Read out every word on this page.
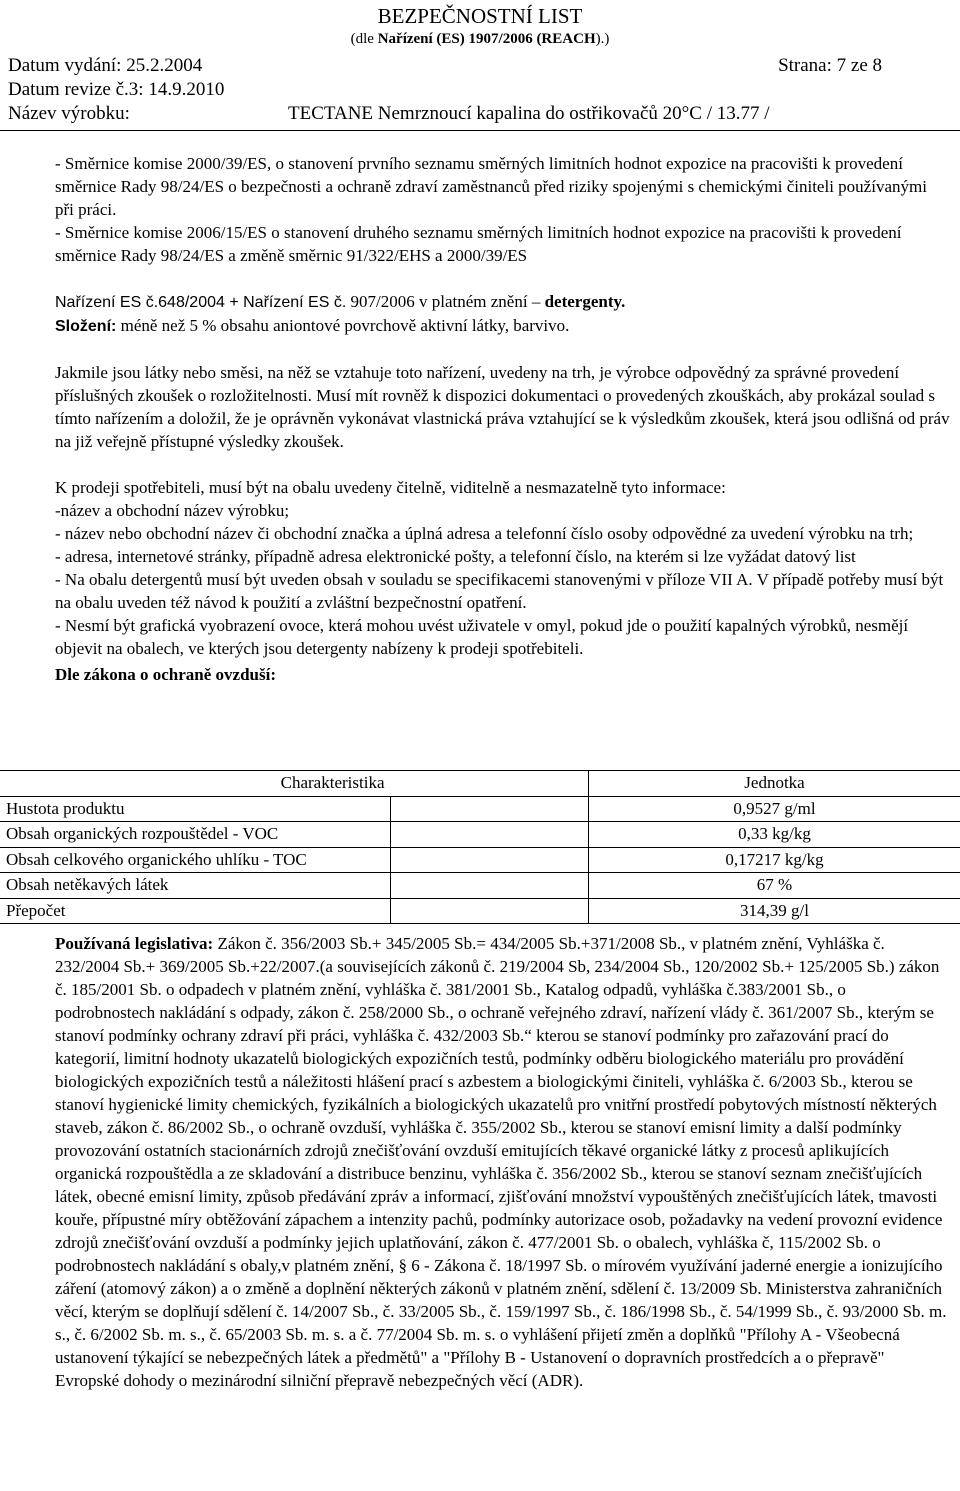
BEZPEČNOSTNÍ LIST
(dle Nařízení (ES) 1907/2006 (REACH).)
Datum vydání: 25.2.2004	Strana: 7 ze 8
Datum revize č.3: 14.9.2010
Název výrobku:	TECTANE Nemrznoucí kapalina do ostřikovačů 20°C / 13.77 /

- Směrnice komise 2000/39/ES, o stanovení prvního seznamu směrných limitních hodnot expozice na pracovišti k provedení směrnice Rady 98/24/ES o bezpečnosti a ochraně zdraví zaměstnanců před riziky spojenými s chemickými činiteli používanými při práci.

- Směrnice komise 2006/15/ES o stanovení druhého seznamu směrných limitních hodnot expozice na pracovišti k provedení směrnice Rady 98/24/ES a změně směrnic 91/322/EHS a 2000/39/ES

Nařízení ES č.648/2004 + Nařízení ES č. 907/2006 v platném znění – detergenty.

Složení: méně než 5 % obsahu aniontové povrchově aktivní látky, barvivo.

Jakmile jsou látky nebo směsi, na něž se vztahuje toto nařízení, uvedeny na trh, je výrobce odpovědný za správné provedení příslušných zkoušek o rozložitelnosti. Musí mít rovněž k dispozici dokumentaci o provedených zkouškách, aby prokázal soulad s tímto nařízením a doložil, že je oprávněn vykonávat vlastnická práva vztahující se k výsledkům zkoušek, která jsou odlišná od práv na již veřejně přístupné výsledky zkoušek.

K prodeji spotřebiteli, musí být na obalu uvedeny čitelně, viditelně a nesmazatelně tyto informace:

-název a obchodní název výrobku;

- název nebo obchodní název či obchodní značka a úplná adresa a telefonní číslo osoby odpovědné za uvedení výrobku na trh;

- adresa, internetové stránky, případně adresa elektronické pošty, a telefonní číslo, na kterém si lze vyžádat datový list

- Na obalu detergentů musí být uveden obsah v souladu se specifikacemi stanovenými v příloze VII A. V případě potřeby musí být na obalu uveden též návod k použití a zvláštní bezpečnostní opatření.

- Nesmí být grafická vyobrazení ovoce, která mohou uvést uživatele v omyl, pokud jde o použití kapalných výrobků, nesmějí objevit na obalech, ve kterých jsou detergenty nabízeny k prodeji spotřebiteli.

Dle zákona o ochraně ovzduší:

Charakteristika		Jednotka
Hustota produktu		0,9527 g/ml
Obsah organických rozpouštědel - VOC		0,33 kg/kg
Obsah celkového organického uhlíku - TOC		0,17217 kg/kg
Obsah netěkavých látek		67 %
Přepočet		314,39 g/l

Používaná legislativa: Zákon č. 356/2003 Sb.+ 345/2005 Sb.= 434/2005 Sb.+371/2008 Sb., v platném znění, Vyhláška č. 232/2004 Sb.+ 369/2005 Sb.+22/2007.(a souvisejících zákonů č. 219/2004 Sb, 234/2004 Sb., 120/2002 Sb.+ 125/2005 Sb.) zákon č. 185/2001 Sb. o odpadech v platném znění, vyhláška č. 381/2001 Sb., Katalog odpadů, vyhláška č.383/2001 Sb., o podrobnostech nakládání s odpady, zákon č. 258/2000 Sb., o ochraně veřejného zdraví, nařízení vlády č. 361/2007 Sb., kterým se stanoví podmínky ochrany zdraví při práci, vyhláška č. 432/2003 Sb.“ kterou se stanoví podmínky pro zařazování prací do kategorií, limitní hodnoty ukazatelů biologických expozičních testů, podmínky odběru biologického materiálu pro provádění biologických expozičních testů a náležitosti hlášení prací s azbestem a biologickými činiteli, vyhláška č. 6/2003 Sb., kterou se stanoví hygienické limity chemických, fyzikálních a biologických ukazatelů pro vnitřní prostředí pobytových místností některých staveb, zákon č. 86/2002 Sb., o ochraně ovzduší, vyhláška č. 355/2002 Sb., kterou se stanoví emisní limity a další podmínky provozování ostatních stacionárních zdrojů znečišťování ovzduší emitujících těkavé organické látky z procesů aplikujících organická rozpouštědla a ze skladování a distribuce benzinu, vyhláška č. 356/2002 Sb., kterou se stanoví seznam znečišťujících látek, obecné emisní limity, způsob předávání zpráv a informací, zjišťování množství vypouštěných znečišťujících látek, tmavosti kouře, přípustné míry obtěžování zápachem a intenzity pachů, podmínky autorizace osob, požadavky na vedení provozní evidence zdrojů znečišťování ovzduší a podmínky jejich uplatňování, zákon č. 477/2001 Sb. o obalech, vyhláška č, 115/2002 Sb. o podrobnostech nakládání s obaly,v platném znění, § 6 - Zákona č. 18/1997 Sb. o mírovém využívání jaderné energie a ionizujícího záření (atomový zákon) a o změně a doplnění některých zákonů v platném znění, sdělení č. 13/2009 Sb. Ministerstva zahraničních věcí, kterým se doplňují sdělení č. 14/2007 Sb., č. 33/2005 Sb., č. 159/1997 Sb., č. 186/1998 Sb., č. 54/1999 Sb., č. 93/2000 Sb. m. s., č. 6/2002 Sb. m. s., č. 65/2003 Sb. m. s. a č. 77/2004 Sb. m. s. o vyhlášení přijetí změn a doplňků "Přílohy A - Všeobecná ustanovení týkající se nebezpečných látek a předmětů" a "Přílohy B - Ustanovení o dopravních prostředcích a o přepravě" Evropské dohody o mezinárodní silniční přepravě nebezpečných věcí (ADR).
